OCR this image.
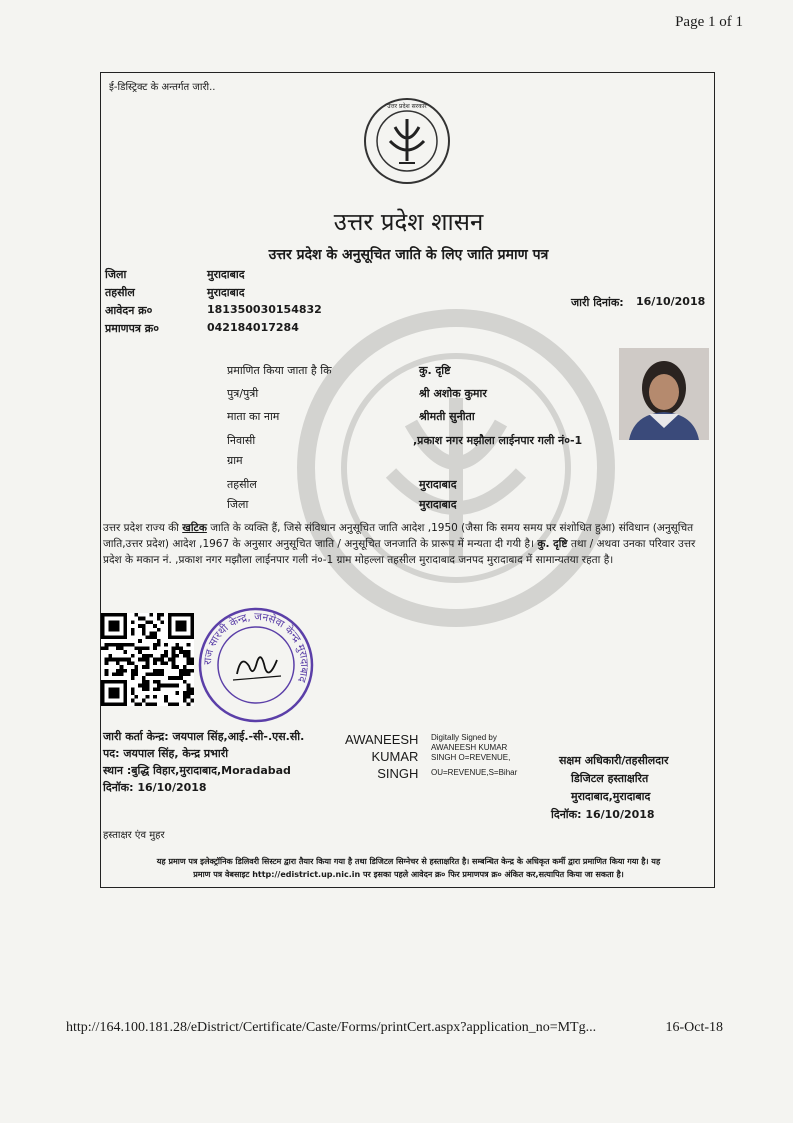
Page 1 of 1
ई-डिस्ट्रिक्ट के अन्तर्गत जारी..
उत्तर प्रदेश सरकार
उत्तर प्रदेश शासन
उत्तर प्रदेश के अनुसूचित जाति के लिए जाति प्रमाण पत्र
जिला	मुरादाबाद
तहसील	मुरादाबाद
आवेदन क्र०	181350030154832
प्रमाणपत्र क्र०	042184017284
जारी दिनांक: 16/10/2018
प्रमाणित किया जाता है कि	कु. दृष्टि
पुत्र/पुत्री	श्री अशोक कुमार
माता का नाम	श्रीमती सुनीता
निवासी	,प्रकाश नगर मझौला लाईनपार गली नं०-1
ग्राम
तहसील	मुरादाबाद
जिला	मुरादाबाद
उत्तर प्रदेश राज्य की खटिक जाति के व्यक्ति हैं, जिसे संविधान अनुसूचित जाति आदेश ,1950 (जैसा कि समय समय पर संशोधित हुआ) संविधान (अनुसूचित जाति,उत्तर प्रदेश) आदेश ,1967 के अनुसार अनुसूचित जाति / अनुसूचित जनजाति के प्रारूप में मन्यता दी गयी है। कु. दृष्टि तथा / अथवा उनका परिवार उत्तर प्रदेश के मकान नं. ,प्रकाश नगर मझौला लाईनपार गली नं०-1 ग्राम मोहल्ला तहसील मुरादाबाद जनपद मुरादाबाद में सामान्यतया रहता है।
राज सारथी केन्द्र, जनसेवा केन्द्र मुरादाबाद
जारी कर्ता केन्द्र: जयपाल सिंह,आई.-सी-.एस.सी.
पद: जयपाल सिंह, केन्द्र प्रभारी
स्थान :बुद्धि विहार,मुरादाबाद,Moradabad
दिनॉक: 16/10/2018
AWANEESH
KUMAR
SINGH
Digitally Signed by
AWANEESH KUMAR
SINGH O=REVENUE,
OU=REVENUE,S=Bihar
सक्षम अधिकारी/तहसीलदार
डिजिटल हस्ताक्षरित
मुरादाबाद,मुरादाबाद
दिनॉक: 16/10/2018
हस्ताक्षर एंव मुहर
यह प्रमाण पत्र इलेक्ट्रॉनिक डिलिवरी सिस्टम द्वारा तैयार किया गया है तथा डिजिटल सिग्नेचर से हस्ताक्षरित है। सम्बन्धित केन्द्र के अधिकृत कर्मी द्वारा प्रमाणित किया गया है। यह
प्रमाण पत्र वेबसाइट http://edistrict.up.nic.in पर इसका पहले आवेदन क्र० फिर प्रमाणपत्र क्र० अंकित कर,सत्यापित किया जा सकता है।
http://164.100.181.28/eDistrict/Certificate/Caste/Forms/printCert.aspx?application_no=MTg...	16-Oct-18
